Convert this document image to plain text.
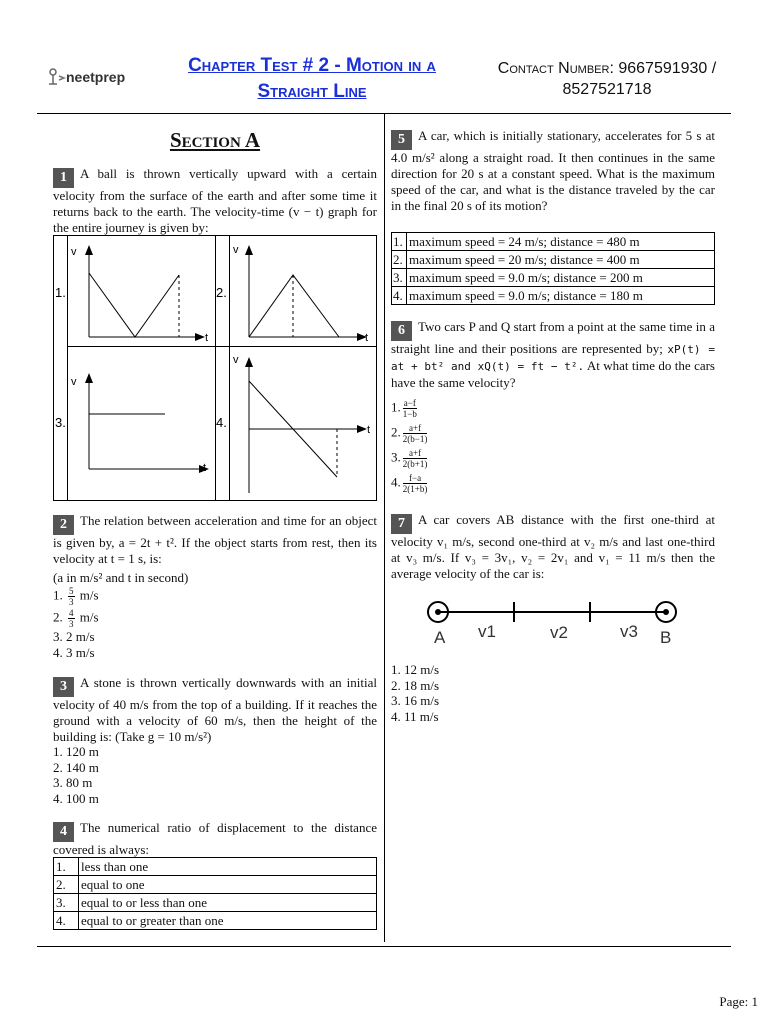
neetprep
Chapter Test # 2 - Motion in a
Straight Line
Contact Number: 9667591930 /
8527521718
Section A
1 A ball is thrown vertically upward with a certain velocity from the surface of the earth and after some time it returns back to the earth. The velocity-time (v − t) graph for the entire journey is given by:
1.	2.
3.	4.
v
t
v
t
v
t
v
t
2 The relation between acceleration and time for an object is given by, a = 2t + t². If the object starts from rest, then its velocity at t = 1 s, is:
(a in m/s² and t in second)
1. $\frac{5}{3} m/s$
2. $\frac{4}{3} m/s$
3. 2 m/s
4. 3 m/s
3 A stone is thrown vertically downwards with an initial velocity of 40 m/s from the top of a building. If it reaches the ground with a velocity of 60 m/s, then the height of the building is: (Take g = 10 m/s²)
1. 120 m
2. 140 m
3. 80 m
4. 100 m
4 The numerical ratio of displacement to the distance covered is always:
1.	less than one
2.	equal to one
3.	equal to or less than one
4.	equal to or greater than one
5 A car, which is initially stationary, accelerates for 5 s at 4.0 m/s² along a straight road. It then continues in the same direction for 20 s at a constant speed. What is the maximum speed of the car, and what is the distance traveled by the car in the final 20 s of its motion?
1.	maximum speed = 24 m/s; distance = 480 m
2.	maximum speed = 20 m/s; distance = 400 m
3.	maximum speed = 9.0 m/s; distance = 200 m
4.	maximum speed = 9.0 m/s; distance = 180 m
6 Two cars P and Q start from a point at the same time in a straight line and their positions are represented by; xP(t) = at + bt² and xQ(t) = ft − t². At what time do the cars have the same velocity?
1. $\frac{a-f}{1-b}$
2. $\frac{a+f}{2(b-1)}$
3. $\frac{a+f}{2(b+1)}$
4. $\frac{f-a}{2(1+b)}$
7 A car covers AB distance with the first one-third at velocity v₁ m/s, second one-third at v₂ m/s and last one-third at v₃ m/s. If v₃ = 3v₁, v₂ = 2v₁ and v₁ = 11 m/s then the average velocity of the car is:
A v1	v2	v3 B
1. 12 m/s
2. 18 m/s
3. 16 m/s
4. 11 m/s
Page: 1
